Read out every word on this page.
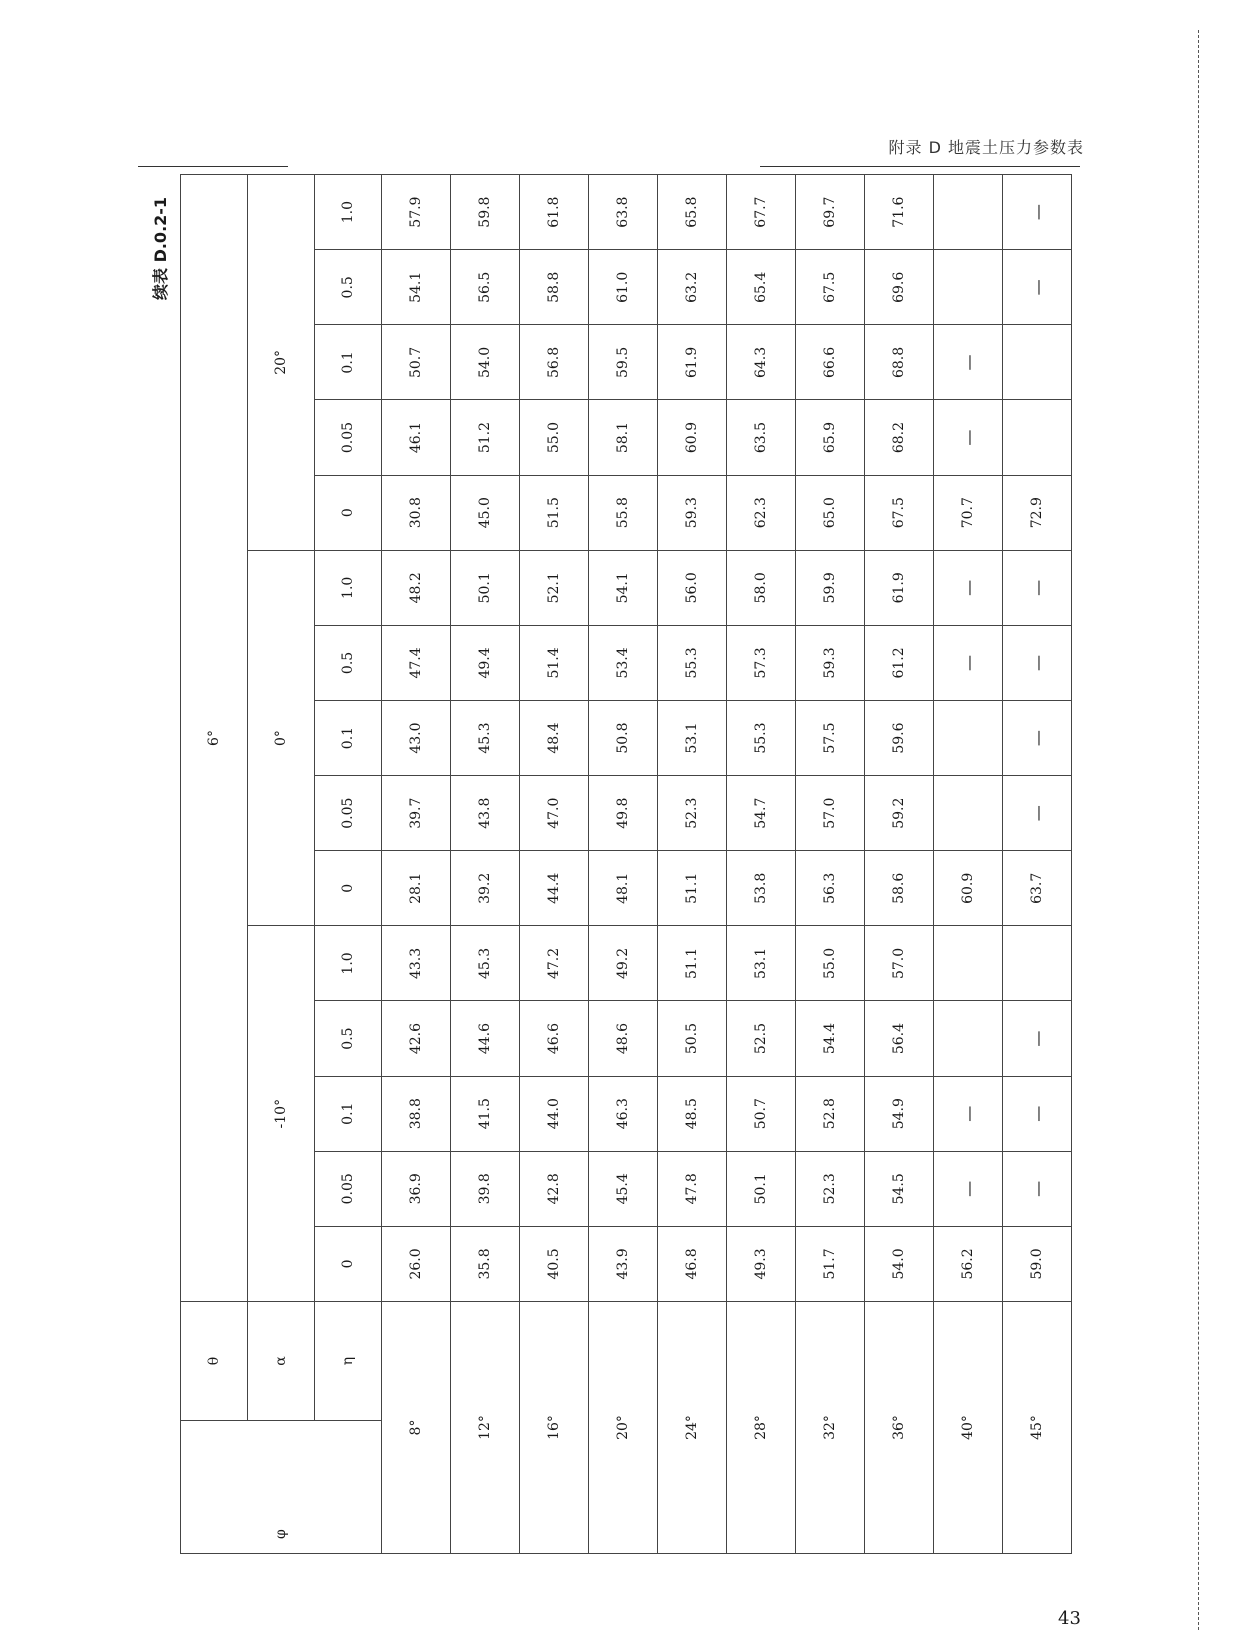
附录 D 地震土压力参数表
续表 D.0.2-1
φ	θ	6°														
	α	-10°					0°					20°				
	η	0	0.05	0.1	0.5	1.0	0	0.05	0.1	0.5	1.0	0	0.05	0.1	0.5	1.0
8°		26.0	36.9	38.8	42.6	43.3	28.1	39.7	43.0	47.4	48.2	30.8	46.1	50.7	54.1	57.9
12°		35.8	39.8	41.5	44.6	45.3	39.2	43.8	45.3	49.4	50.1	45.0	51.2	54.0	56.5	59.8
16°		40.5	42.8	44.0	46.6	47.2	44.4	47.0	48.4	51.4	52.1	51.5	55.0	56.8	58.8	61.8
20°		43.9	45.4	46.3	48.6	49.2	48.1	49.8	50.8	53.4	54.1	55.8	58.1	59.5	61.0	63.8
24°		46.8	47.8	48.5	50.5	51.1	51.1	52.3	53.1	55.3	56.0	59.3	60.9	61.9	63.2	65.8
28°		49.3	50.1	50.7	52.5	53.1	53.8	54.7	55.3	57.3	58.0	62.3	63.5	64.3	65.4	67.7
32°		51.7	52.3	52.8	54.4	55.0	56.3	57.0	57.5	59.3	59.9	65.0	65.9	66.6	67.5	69.7
36°		54.0	54.5	54.9	56.4	57.0	58.6	59.2	59.6	61.2	61.9	67.5	68.2	68.8	69.6	71.6
40°		56.2	—	—			60.9			—	—	70.7	—	—		
45°		59.0	—	—	—		63.7	—	—	—	—	72.9			—	—
43
